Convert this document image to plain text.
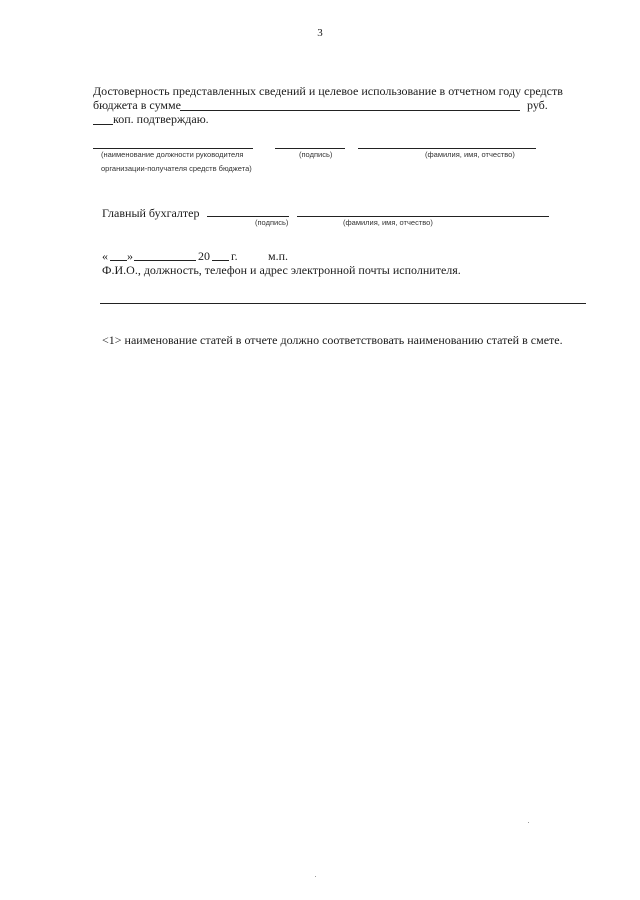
3
Достоверность представленных сведений и целевое использование в отчетном году средств
бюджета в сумме	руб.
коп. подтверждаю.
(наименование должности руководителя
организации-получателя средств бюджета)
(подпись)	(фамилия, имя, отчество)
Главный бухгалтер
(подпись)	(фамилия, имя, отчество)
« »	20 г.	м.п.
Ф.И.О., должность, телефон и адрес электронной почты исполнителя.
<1> наименование статей в отчете должно соответствовать наименованию статей в смете.
